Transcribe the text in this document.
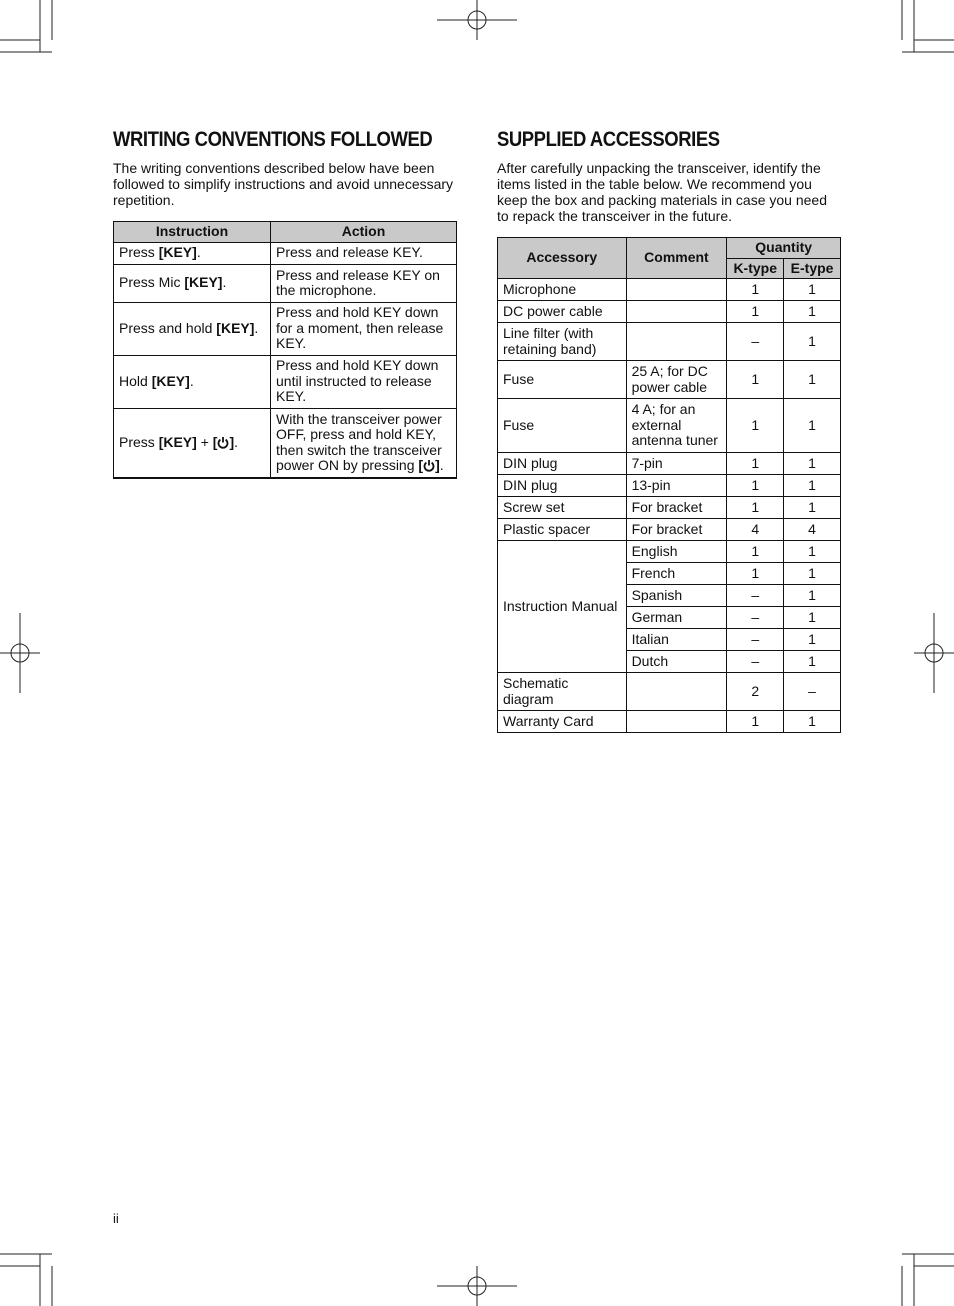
WRITING CONVENTIONS FOLLOWED

The writing conventions described below have been followed to simplify instructions and avoid unnecessary repetition.

Instruction	Action
Press [KEY].	Press and release KEY.
Press Mic [KEY].	Press and release KEY on the microphone.
Press and hold [KEY].	Press and hold KEY down for a moment, then release KEY.
Hold [KEY].	Press and hold KEY down until instructed to release KEY.
Press [KEY] + [ ].	With the transceiver power OFF, press and hold KEY, then switch the transceiver power ON by pressing [ ].
SUPPLIED ACCESSORIES

After carefully unpacking the transceiver, identify the items listed in the table below. We recommend you keep the box and packing materials in case you need to repack the transceiver in the future.

Accessory	Comment	Quantity	
		K-type	E-type
Microphone		1	1
DC power cable		1	1
Line filter (with retaining band)		–	1
Fuse	25 A; for DC power cable	1	1
Fuse	4 A; for an external antenna tuner	1	1
DIN plug	7-pin	1	1
DIN plug	13-pin	1	1
Screw set	For bracket	1	1
Plastic spacer	For bracket	4	4
Instruction Manual	English	1	1
	French	1	1
	Spanish	–	1
	German	–	1
	Italian	–	1
	Dutch	–	1
Schematic diagram		2	–
Warranty Card		1	1
ii
